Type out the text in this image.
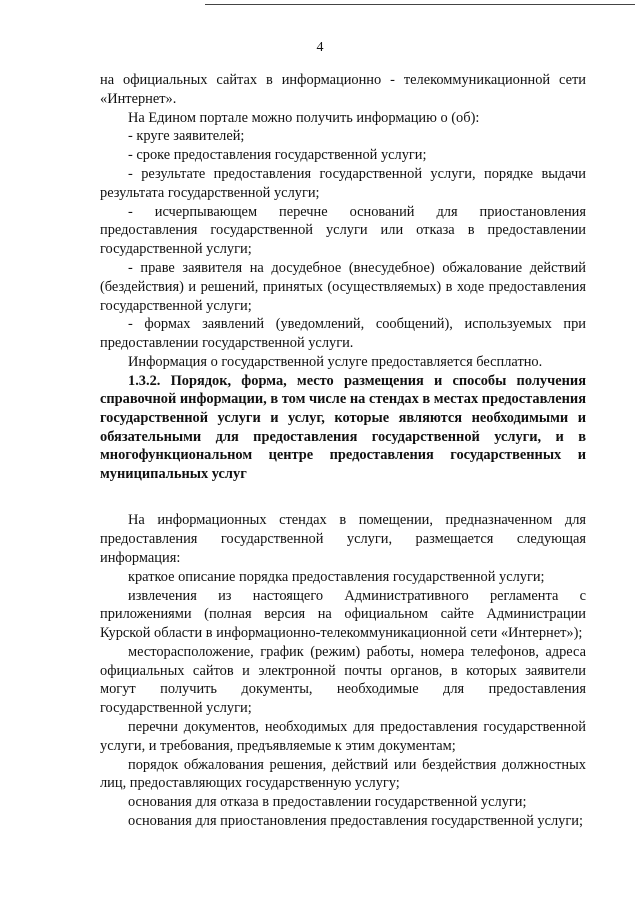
4

на официальных сайтах в информационно - телекоммуникационной сети «Интернет».

На Едином портале можно получить информацию о (об):

- круге заявителей;

- сроке предоставления государственной услуги;

- результате предоставления государственной услуги, порядке выдачи результата государственной услуги;

- исчерпывающем перечне оснований для приостановления предоставления государственной услуги или отказа в предоставлении государственной услуги;

- праве заявителя на досудебное (внесудебное) обжалование действий (бездействия) и решений, принятых (осуществляемых) в ходе предоставления государственной услуги;

- формах заявлений (уведомлений, сообщений), используемых при предоставлении государственной услуги.

Информация о государственной услуге предоставляется бесплатно.

1.3.2. Порядок, форма, место размещения и способы получения справочной информации, в том числе на стендах в местах предоставления государственной услуги и услуг, которые являются необходимыми и обязательными для предоставления государственной услуги, и в многофункциональном центре предоставления государственных и муниципальных услуг

На информационных стендах в помещении, предназначенном для предоставления государственной услуги, размещается следующая информация:

краткое описание порядка предоставления государственной услуги;

извлечения из настоящего Административного регламента с приложениями (полная версия на официальном сайте Администрации Курской области в информационно-телекоммуникационной сети «Интернет»);

месторасположение, график (режим) работы, номера телефонов, адреса официальных сайтов и электронной почты органов, в которых заявители могут получить документы, необходимые для предоставления государственной услуги;

перечни документов, необходимых для предоставления государственной услуги, и требования, предъявляемые к этим документам;

порядок обжалования решения, действий или бездействия должностных лиц, предоставляющих государственную услугу;

основания для отказа в предоставлении государственной услуги;

основания для приостановления предоставления государственной услуги;
